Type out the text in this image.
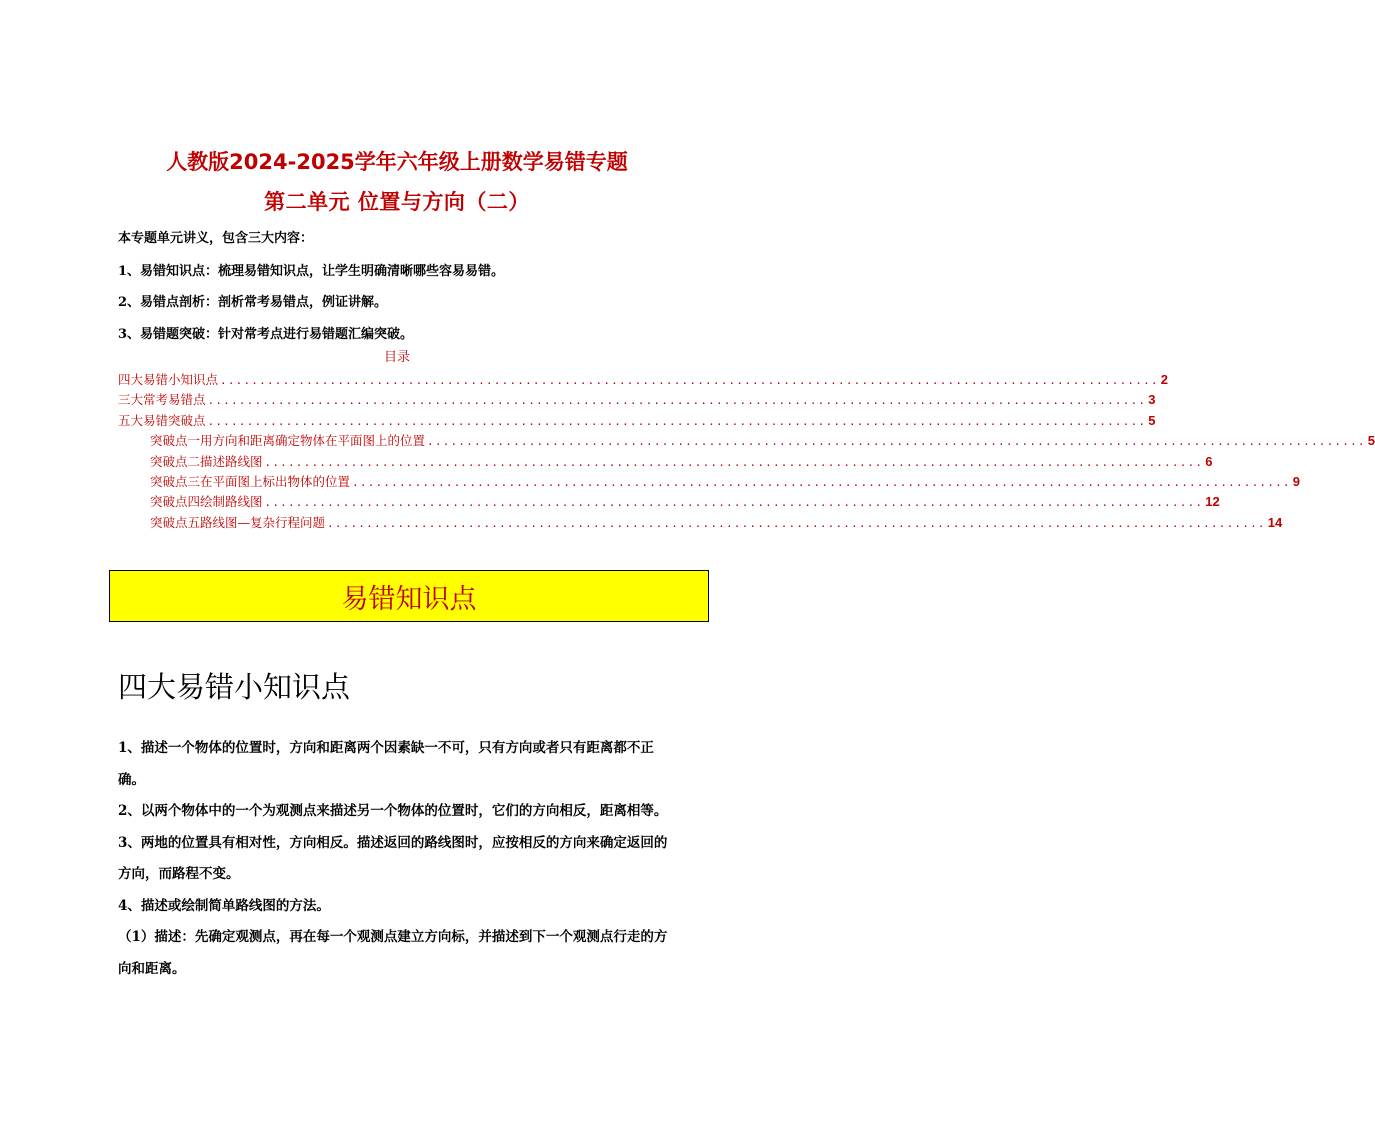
人教版2024-2025学年六年级上册数学易错专题
第二单元 位置与方向（二）

本专题单元讲义，包含三大内容：

1、易错知识点：梳理易错知识点，让学生明确清晰哪些容易易错。

2、易错点剖析：剖析常考易错点，例证讲解。

3、易错题突破：针对常考点进行易错题汇编突破。

目录

四大易错小知识点 ........................................................................................................................ 2
三大常考易错点 ........................................................................................................................ 3
五大易错突破点 ........................................................................................................................ 5
突破点一用方向和距离确定物体在平面图上的位置 ........................................................................................................................ 5
突破点二描述路线图 ........................................................................................................................ 6
突破点三在平面图上标出物体的位置 ........................................................................................................................ 9
突破点四绘制路线图 ........................................................................................................................ 12
突破点五路线图—复杂行程问题 ........................................................................................................................ 14
易错知识点
四大易错小知识点

1、描述一个物体的位置时，方向和距离两个因素缺一不可，只有方向或者只有距离都不正确。

2、以两个物体中的一个为观测点来描述另一个物体的位置时，它们的方向相反，距离相等。

3、两地的位置具有相对性，方向相反。描述返回的路线图时，应按相反的方向来确定返回的方向，而路程不变。

4、描述或绘制简单路线图的方法。

（1）描述：先确定观测点，再在每一个观测点建立方向标，并描述到下一个观测点行走的方向和距离。
